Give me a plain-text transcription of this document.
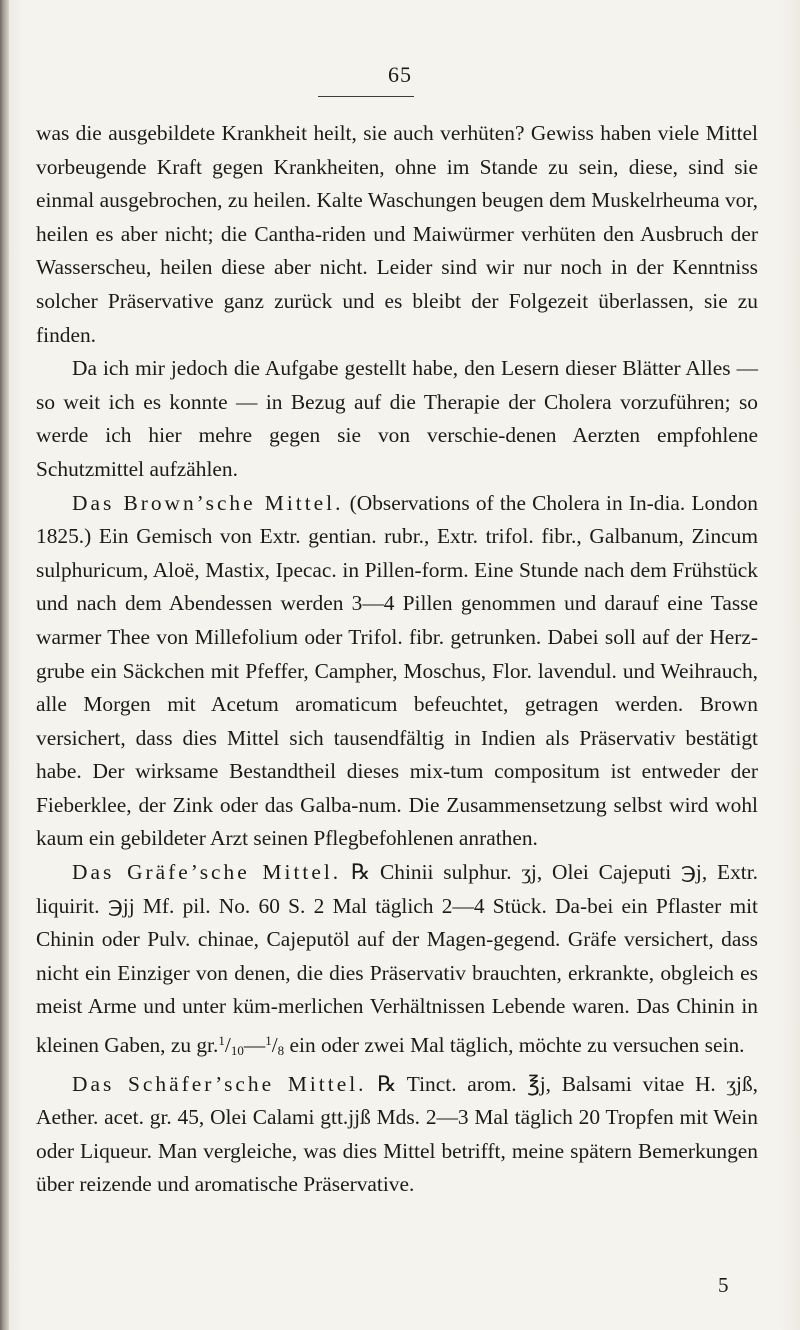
65

was die ausgebildete Krankheit heilt, sie auch verhüten? Gewiss haben viele Mittel vorbeugende Kraft gegen Krankheiten, ohne im Stande zu sein, diese, sind sie einmal ausgebrochen, zu heilen. Kalte Waschungen beugen dem Muskelrheuma vor, heilen es aber nicht; die Cantha-riden und Maiwürmer verhüten den Ausbruch der Wasserscheu, heilen diese aber nicht. Leider sind wir nur noch in der Kenntniss solcher Präservative ganz zurück und es bleibt der Folgezeit überlassen, sie zu finden.

Da ich mir jedoch die Aufgabe gestellt habe, den Lesern dieser Blätter Alles — so weit ich es konnte — in Bezug auf die Therapie der Cholera vorzuführen; so werde ich hier mehre gegen sie von verschie-denen Aerzten empfohlene Schutzmittel aufzählen.

Das Brown’sche Mittel. (Observations of the Cholera in In-dia. London 1825.) Ein Gemisch von Extr. gentian. rubr., Extr. trifol. fibr., Galbanum, Zincum sulphuricum, Aloë, Mastix, Ipecac. in Pillen-form. Eine Stunde nach dem Frühstück und nach dem Abendessen werden 3—4 Pillen genommen und darauf eine Tasse warmer Thee von Millefolium oder Trifol. fibr. getrunken. Dabei soll auf der Herz-grube ein Säckchen mit Pfeffer, Campher, Moschus, Flor. lavendul. und Weihrauch, alle Morgen mit Acetum aromaticum befeuchtet, getragen werden. Brown versichert, dass dies Mittel sich tausendfältig in Indien als Präservativ bestätigt habe. Der wirksame Bestandtheil dieses mix-tum compositum ist entweder der Fieberklee, der Zink oder das Galba-num. Die Zusammensetzung selbst wird wohl kaum ein gebildeter Arzt seinen Pflegbefohlenen anrathen.

Das Gräfe’sche Mittel. ℞ Chinii sulphur. ʒj, Olei Cajeputi ℈j, Extr. liquirit. ℈jj Mf. pil. No. 60 S. 2 Mal täglich 2—4 Stück. Da-bei ein Pflaster mit Chinin oder Pulv. chinae, Cajeputöl auf der Magen-gegend. Gräfe versichert, dass nicht ein Einziger von denen, die dies Präservativ brauchten, erkrankte, obgleich es meist Arme und unter küm-merlichen Verhältnissen Lebende waren. Das Chinin in kleinen Gaben, zu $gr.^1/_{10}—^1/_8$ ein oder zwei Mal täglich, möchte zu versuchen sein.

Das Schäfer’sche Mittel. ℞ Tinct. arom. ℥j, Balsami vitae H. ʒjß, Aether. acet. gr. 45, Olei Calami gtt.jjß Mds. 2—3 Mal täglich 20 Tropfen mit Wein oder Liqueur. Man vergleiche, was dies Mittel betrifft, meine spätern Bemerkungen über reizende und aromatische Präservative.

5
